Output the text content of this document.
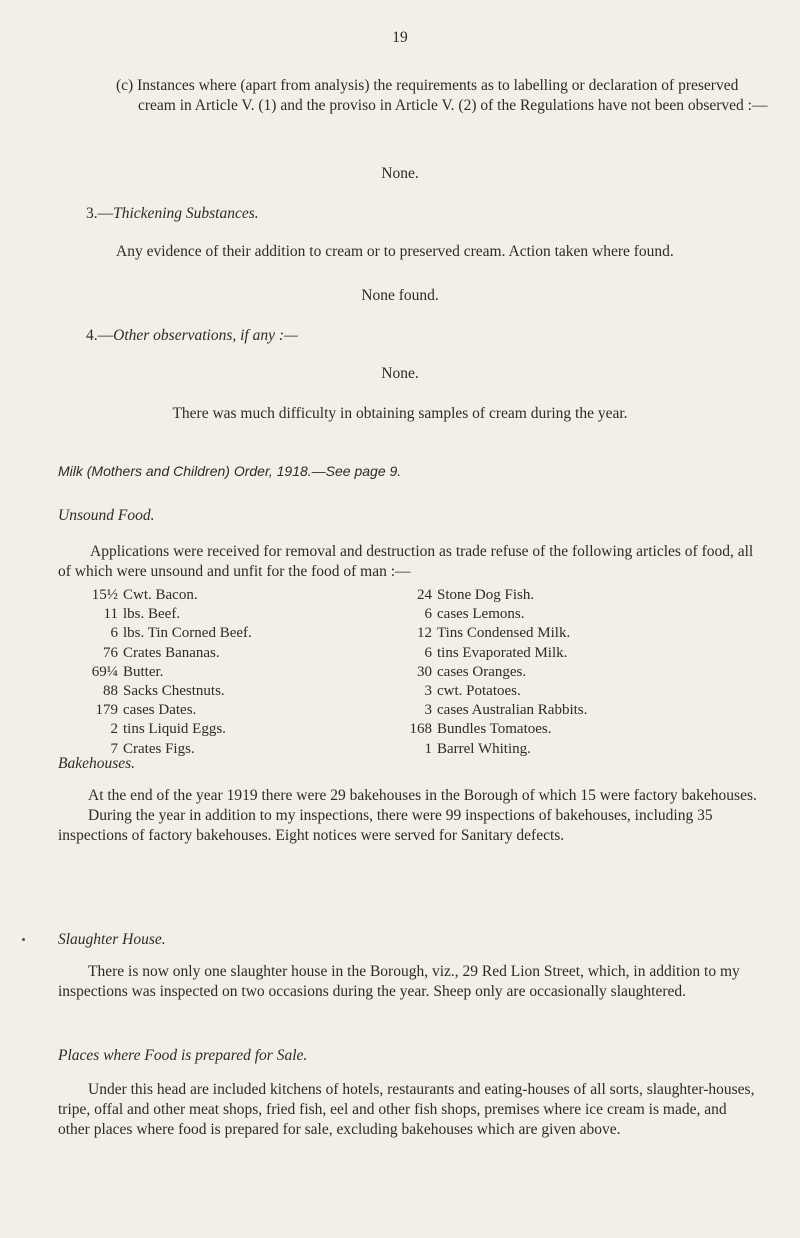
19
(c) Instances where (apart from analysis) the requirements as to labelling or declaration of preserved cream in Article V. (1) and the proviso in Article V. (2) of the Regulations have not been observed :—
None.
3.—Thickening Substances.
Any evidence of their addition to cream or to preserved cream. Action taken where found.
None found.
4.—Other observations, if any :—
None.
There was much difficulty in obtaining samples of cream during the year.
Milk (Mothers and Children) Order, 1918.—See page 9.
Unsound Food.
Applications were received for removal and destruction as trade refuse of the following articles of food, all of which were unsound and unfit for the food of man :—
15½ Cwt. Bacon.
11 lbs. Beef.
6 lbs. Tin Corned Beef.
76 Crates Bananas.
69¼ Butter.
88 Sacks Chestnuts.
179 cases Dates.
2 tins Liquid Eggs.
7 Crates Figs.
24 Stone Dog Fish.
6 cases Lemons.
12 Tins Condensed Milk.
6 tins Evaporated Milk.
30 cases Oranges.
3 cwt. Potatoes.
3 cases Australian Rabbits.
168 Bundles Tomatoes.
1 Barrel Whiting.
Bakehouses.
At the end of the year 1919 there were 29 bakehouses in the Borough of which 15 were factory bakehouses.
During the year in addition to my inspections, there were 99 inspections of bakehouses, including 35 inspections of factory bakehouses. Eight notices were served for Sanitary defects.
Slaughter House.
There is now only one slaughter house in the Borough, viz., 29 Red Lion Street, which, in addition to my inspections was inspected on two occasions during the year. Sheep only are occasionally slaughtered.
Places where Food is prepared for Sale.
Under this head are included kitchens of hotels, restaurants and eating-houses of all sorts, slaughter-houses, tripe, offal and other meat shops, fried fish, eel and other fish shops, premises where ice cream is made, and other places where food is prepared for sale, excluding bakehouses which are given above.
